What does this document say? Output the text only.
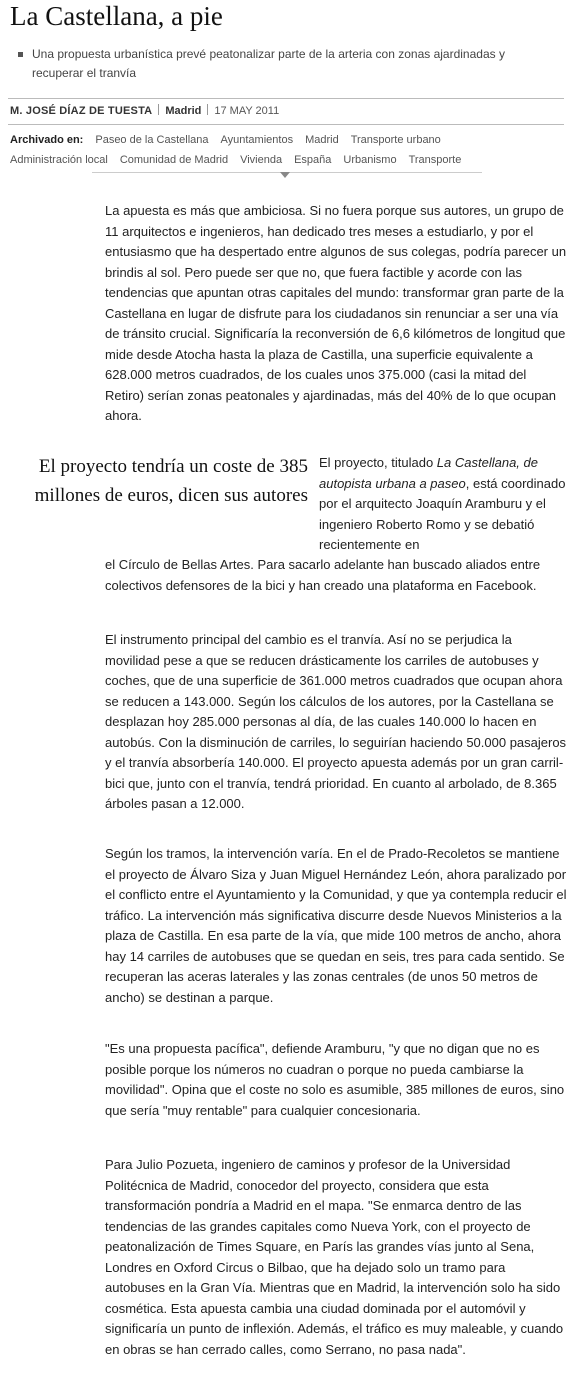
La Castellana, a pie

Una propuesta urbanística prevé peatonalizar parte de la arteria con zonas ajardinadas y recuperar el tranvía

M. JOSÉ DÍAZ DE TUESTA Madrid 17 MAY 2011
Archivado en: Paseo de la Castellana Ayuntamientos Madrid Transporte urbano
Administración local Comunidad de Madrid Vivienda España Urbanismo Transporte

La apuesta es más que ambiciosa. Si no fuera porque sus autores, un grupo de 11 arquitectos e ingenieros, han dedicado tres meses a estudiarlo, y por el entusiasmo que ha despertado entre algunos de sus colegas, podría parecer un brindis al sol. Pero puede ser que no, que fuera factible y acorde con las tendencias que apuntan otras capitales del mundo: transformar gran parte de la Castellana en lugar de disfrute para los ciudadanos sin renunciar a ser una vía de tránsito crucial. Significaría la reconversión de 6,6 kilómetros de longitud que mide desde Atocha hasta la plaza de Castilla, una superficie equivalente a 628.000 metros cuadrados, de los cuales unos 375.000 (casi la mitad del Retiro) serían zonas peatonales y ajardinadas, más del 40% de lo que ocupan ahora.

El proyecto tendría un coste de 385 millones de euros, dicen sus autores
El proyecto, titulado La Castellana, de autopista urbana a paseo, está coordinado por el arquitecto Joaquín Aramburu y el ingeniero Roberto Romo y se debatió recientemente en

el Círculo de Bellas Artes. Para sacarlo adelante han buscado aliados entre colectivos defensores de la bici y han creado una plataforma en Facebook.

El instrumento principal del cambio es el tranvía. Así no se perjudica la movilidad pese a que se reducen drásticamente los carriles de autobuses y coches, que de una superficie de 361.000 metros cuadrados que ocupan ahora se reducen a 143.000. Según los cálculos de los autores, por la Castellana se desplazan hoy 285.000 personas al día, de las cuales 140.000 lo hacen en autobús. Con la disminución de carriles, lo seguirían haciendo 50.000 pasajeros y el tranvía absorbería 140.000. El proyecto apuesta además por un gran carril-bici que, junto con el tranvía, tendrá prioridad. En cuanto al arbolado, de 8.365 árboles pasan a 12.000.

Según los tramos, la intervención varía. En el de Prado-Recoletos se mantiene el proyecto de Álvaro Siza y Juan Miguel Hernández León, ahora paralizado por el conflicto entre el Ayuntamiento y la Comunidad, y que ya contempla reducir el tráfico. La intervención más significativa discurre desde Nuevos Ministerios a la plaza de Castilla. En esa parte de la vía, que mide 100 metros de ancho, ahora hay 14 carriles de autobuses que se quedan en seis, tres para cada sentido. Se recuperan las aceras laterales y las zonas centrales (de unos 50 metros de ancho) se destinan a parque.

"Es una propuesta pacífica", defiende Aramburu, "y que no digan que no es posible porque los números no cuadran o porque no pueda cambiarse la movilidad". Opina que el coste no solo es asumible, 385 millones de euros, sino que sería "muy rentable" para cualquier concesionaria.

Para Julio Pozueta, ingeniero de caminos y profesor de la Universidad Politécnica de Madrid, conocedor del proyecto, considera que esta transformación pondría a Madrid en el mapa. "Se enmarca dentro de las tendencias de las grandes capitales como Nueva York, con el proyecto de peatonalización de Times Square, en París las grandes vías junto al Sena, Londres en Oxford Circus o Bilbao, que ha dejado solo un tramo para autobuses en la Gran Vía. Mientras que en Madrid, la intervención solo ha sido cosmética. Esta apuesta cambia una ciudad dominada por el automóvil y significaría un punto de inflexión. Además, el tráfico es muy maleable, y cuando en obras se han cerrado calles, como Serrano, no pasa nada".
